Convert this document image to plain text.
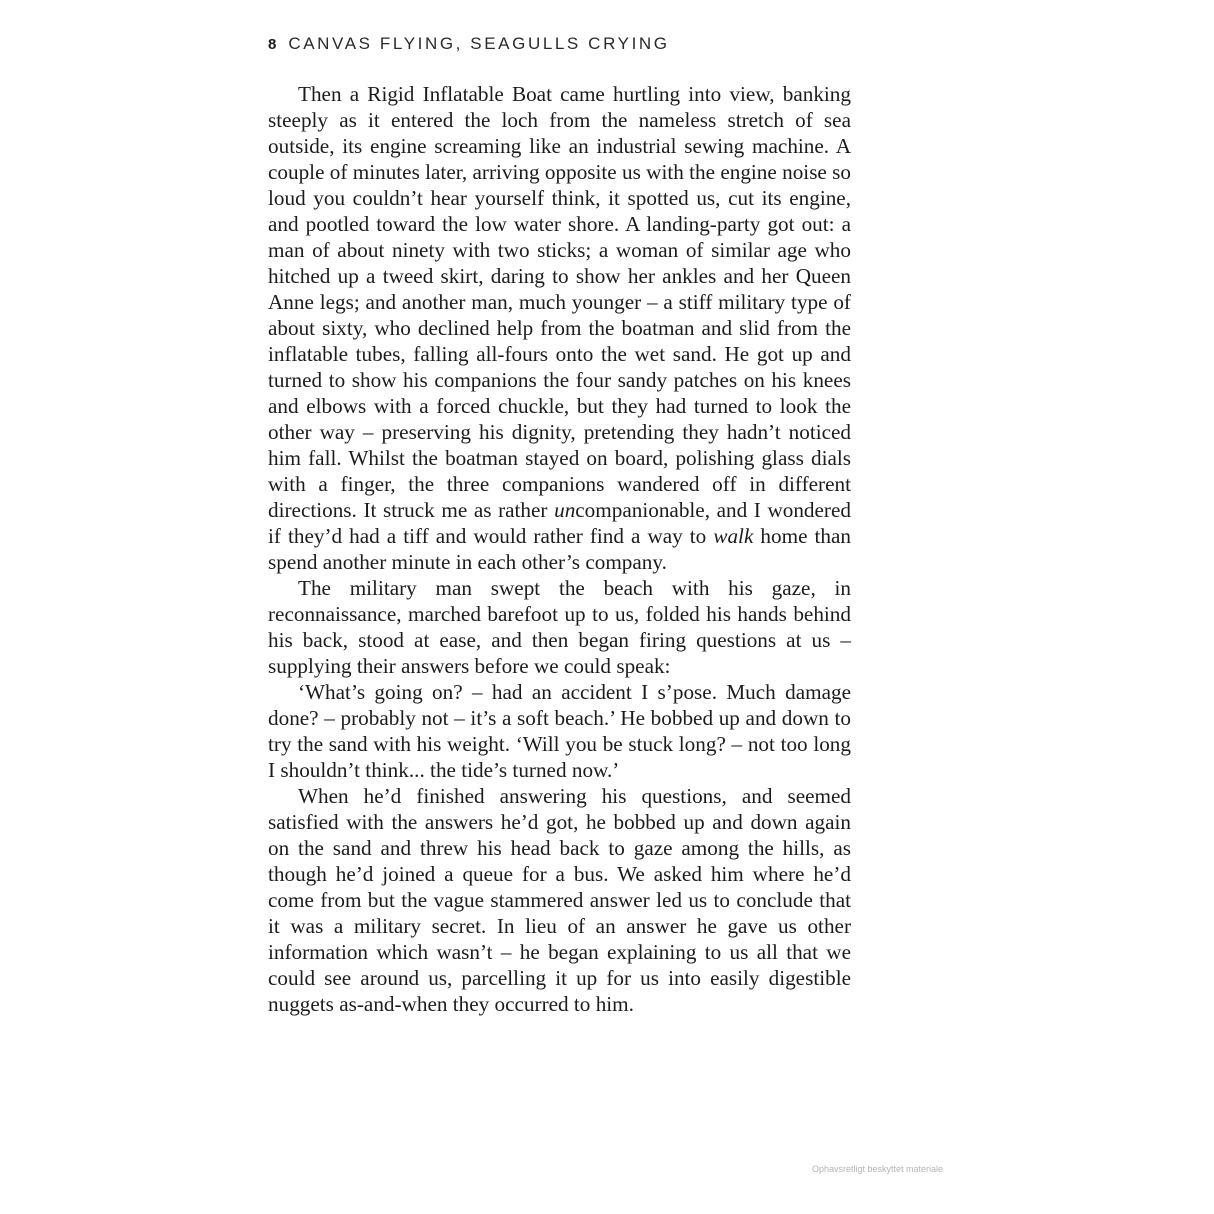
8 CANVAS FLYING, SEAGULLS CRYING

Then a Rigid Inflatable Boat came hurtling into view, banking steeply as it entered the loch from the nameless stretch of sea outside, its engine screaming like an industrial sewing machine. A couple of minutes later, arriving opposite us with the engine noise so loud you couldn’t hear yourself think, it spotted us, cut its engine, and pootled toward the low water shore. A landing-party got out: a man of about ninety with two sticks; a woman of similar age who hitched up a tweed skirt, daring to show her ankles and her Queen Anne legs; and another man, much younger – a stiff military type of about sixty, who declined help from the boatman and slid from the inflatable tubes, falling all-fours onto the wet sand. He got up and turned to show his companions the four sandy patches on his knees and elbows with a forced chuckle, but they had turned to look the other way – preserving his dignity, pretending they hadn’t noticed him fall. Whilst the boatman stayed on board, polishing glass dials with a finger, the three companions wandered off in different directions. It struck me as rather uncompanionable, and I wondered if they’d had a tiff and would rather find a way to walk home than spend another minute in each other’s company.

The military man swept the beach with his gaze, in reconnaissance, marched barefoot up to us, folded his hands behind his back, stood at ease, and then began firing questions at us – supplying their answers before we could speak:

‘What’s going on? – had an accident I s’pose. Much damage done? – probably not – it’s a soft beach.’ He bobbed up and down to try the sand with his weight. ‘Will you be stuck long? – not too long I shouldn’t think... the tide’s turned now.’

When he’d finished answering his questions, and seemed satisfied with the answers he’d got, he bobbed up and down again on the sand and threw his head back to gaze among the hills, as though he’d joined a queue for a bus. We asked him where he’d come from but the vague stammered answer led us to conclude that it was a military secret. In lieu of an answer he gave us other information which wasn’t – he began explaining to us all that we could see around us, parcelling it up for us into easily digestible nuggets as-and-when they occurred to him.

Ophavsretligt beskyttet materiale
